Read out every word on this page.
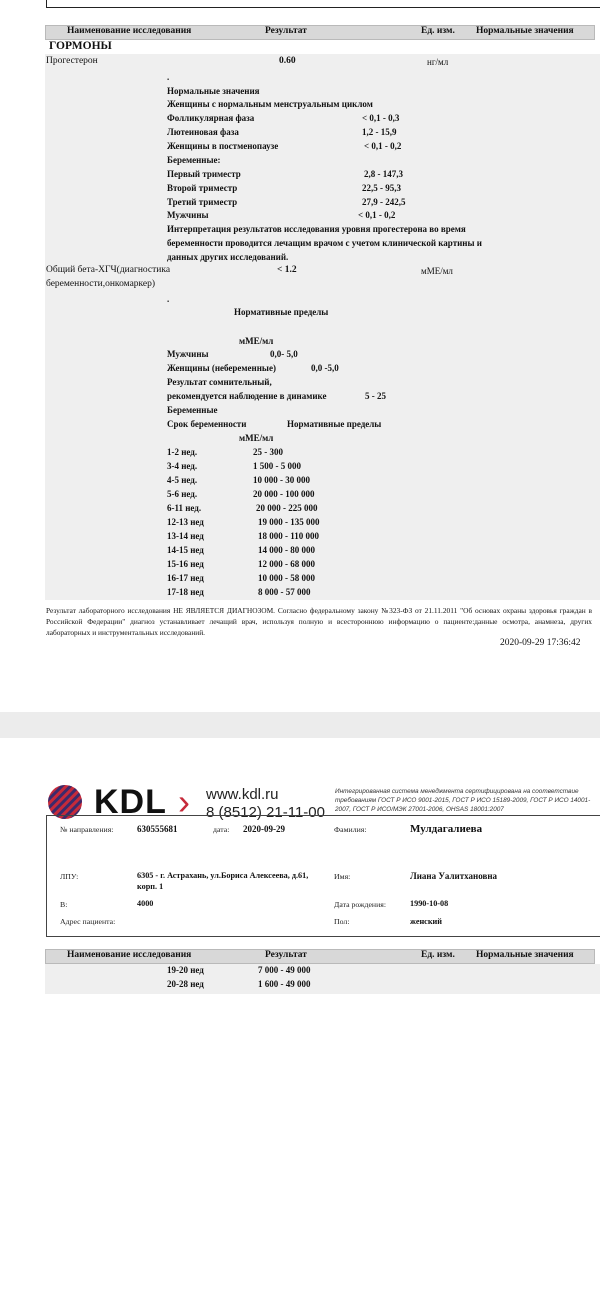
Наименование исследования	Результат	Ед. изм. Нормальные значения
ГОРМОНЫ
Прогестерон	0.60	нг/мл
.
Нормальные значения
Женщины с нормальным менструальным циклом
Фолликулярная фаза	< 0,1 - 0,3
Лютеиновая фаза	1,2 - 15,9
Женщины в постменопаузе	< 0,1 - 0,2
Беременные:
Первый триместр	2,8 - 147,3
Второй триместр	22,5 - 95,3
Третий триместр	27,9 - 242,5
Мужчины	< 0,1 - 0,2
Интерпретация результатов исследования уровня прогестерона во время
беременности проводится лечащим врачом с учетом клинической картины и
данных других исследований.
Общий бета-ХГЧ(диагностика
беременности,онкомаркер)
< 1.2	мМЕ/мл
.
Нормативные пределы
мМЕ/мл
Мужчины	0,0- 5,0
Женщины (небеременные)	0,0 -5,0
Результат сомнительный,
рекомендуется наблюдение в динамике	5 - 25
Беременные
Срок беременности	Нормативные пределы
мМЕ/мл
1-2 нед.	25 - 300
3-4 нед.	1 500 - 5 000
4-5 нед.	10 000 - 30 000
5-6 нед.	20 000 - 100 000
6-11 нед.	20 000 - 225 000
12-13 нед	19 000 - 135 000
13-14 нед	18 000 - 110 000
14-15 нед	14 000 - 80 000
15-16 нед	12 000 - 68 000
16-17 нед	10 000 - 58 000
17-18 нед	8 000 - 57 000
Результат лабораторного исследования НЕ ЯВЛЯЕТСЯ ДИАГНОЗОМ. Согласно федеральному закону №323-ФЗ от 21.11.2011 "Об основах охраны здоровья граждан в Российской Федерации" диагноз устанавливает лечащий врач, используя полную и всестороннюю информацию о пациенте:данные осмотра, анамнеза, других лабораторных и инструментальных исследований.
2020-09-29 17:36:42
KDL › www.kdl.ru
8 (8512) 21-11-00
Интегрированная система менеджмента сертифицирована на соответствие требованиям ГОСТ Р ИСО 9001-2015, ГОСТ Р ИСО 15189-2009, ГОСТ Р ИСО 14001-2007, ГОСТ Р ИСО/МЭК 27001-2006, OHSAS 18001:2007
№ направления:	630555681	дата: 2020-09-29	Фамилия:	Мулдагалиева
ЛПУ:	6305 - г. Астрахань, ул.Бориса Алексеева, д.61,
корп. 1
Имя:	Лиана Уалитхановна
В:	4000	Дата рождения:	1990-10-08
Адрес пациента:	Пол:	женский
Наименование исследования	Результат	Ед. изм. Нормальные значения
19-20 нед	7 000 - 49 000
20-28 нед	1 600 - 49 000
